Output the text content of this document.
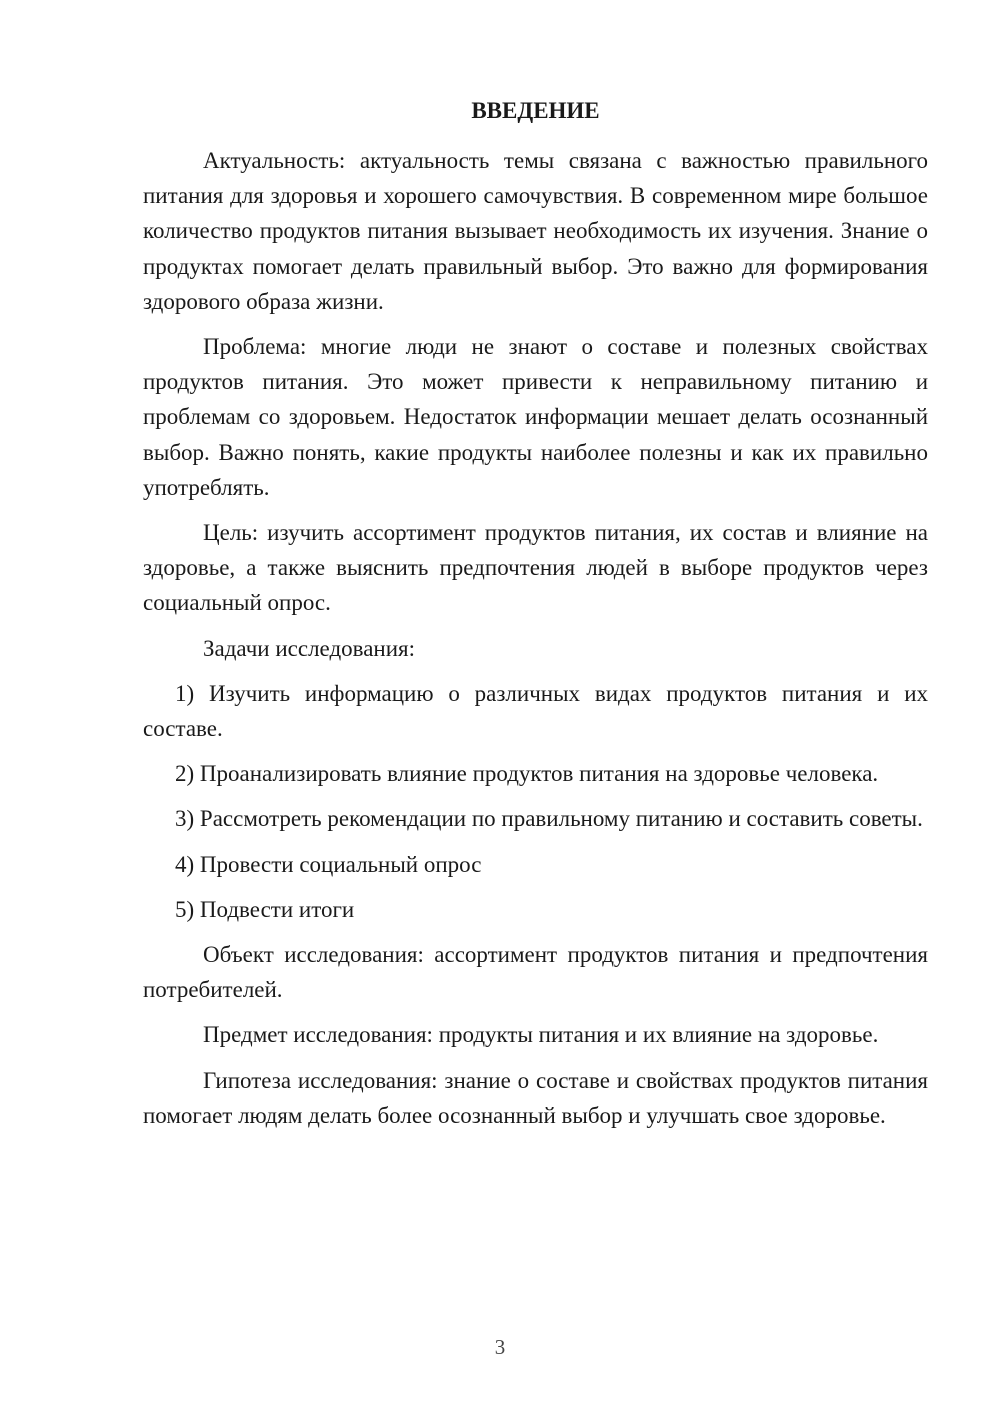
ВВЕДЕНИЕ

Актуальность: актуальность темы связана с важностью правильного питания для здоровья и хорошего самочувствия. В современном мире большое количество продуктов питания вызывает необходимость их изучения. Знание о продуктах помогает делать правильный выбор. Это важно для формирования здорового образа жизни.

Проблема: многие люди не знают о составе и полезных свойствах продуктов питания. Это может привести к неправильному питанию и проблемам со здоровьем. Недостаток информации мешает делать осознанный выбор. Важно понять, какие продукты наиболее полезны и как их правильно употреблять.

Цель: изучить ассортимент продуктов питания, их состав и влияние на здоровье, а также выяснить предпочтения людей в выборе продуктов через социальный опрос.

Задачи исследования:

1) Изучить информацию о различных видах продуктов питания и их составе.

2) Проанализировать влияние продуктов питания на здоровье человека.

3) Рассмотреть рекомендации по правильному питанию и составить советы.

4) Провести социальный опрос

5) Подвести итоги

Объект исследования: ассортимент продуктов питания и предпочтения потребителей.

Предмет исследования: продукты питания и их влияние на здоровье.

Гипотеза исследования: знание о составе и свойствах продуктов питания помогает людям делать более осознанный выбор и улучшать свое здоровье.

3
